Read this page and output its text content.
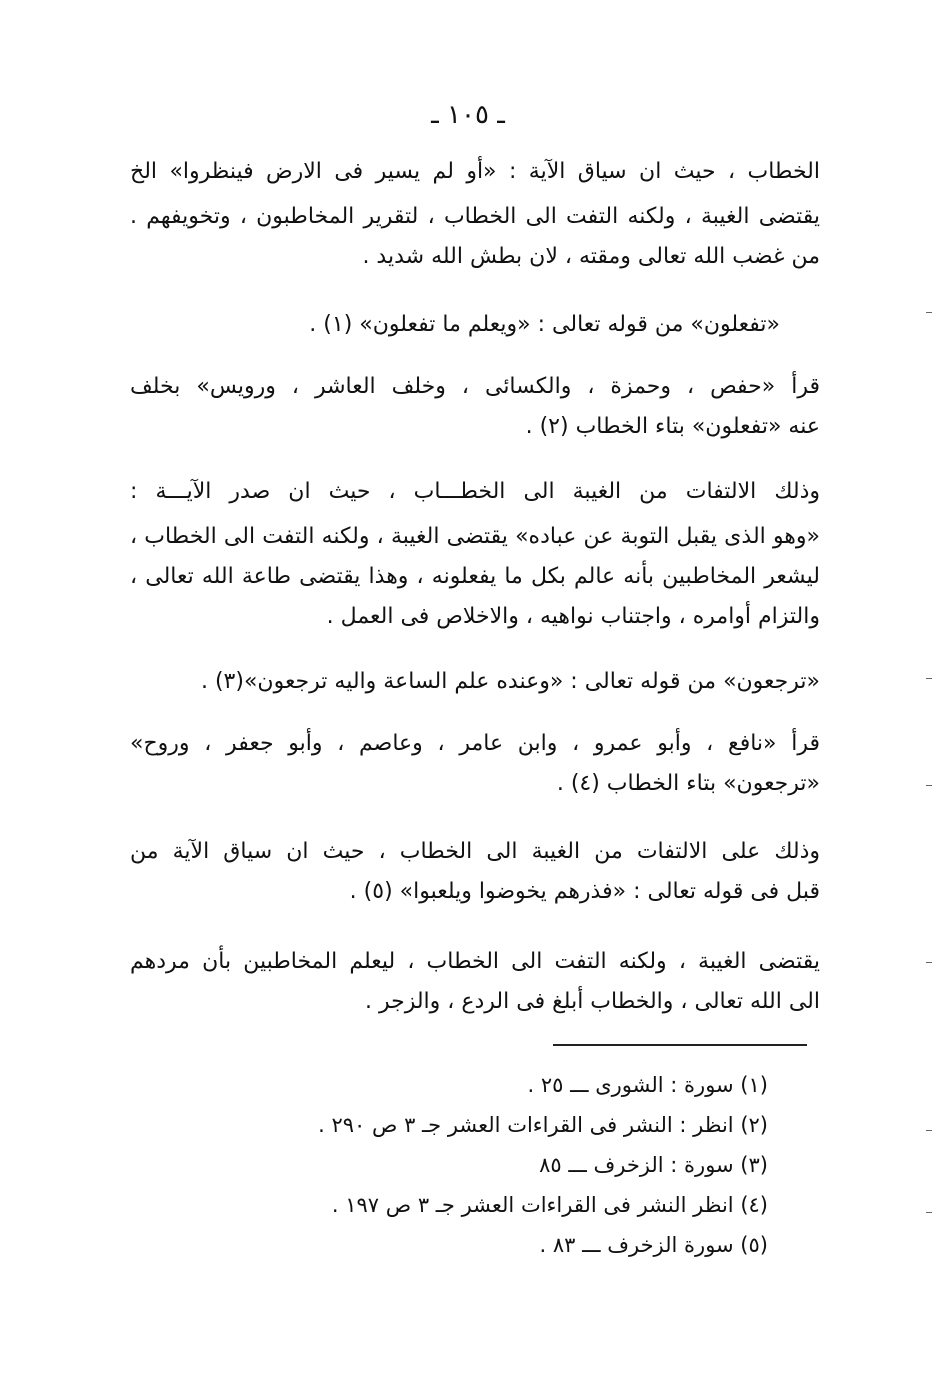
ـ ١٠٥ ـ
الخطاب ، حيث ان سياق الآية : «أو لم يسير فى الارض فينظروا» الخ
يقتضى الغيبة ، ولكنه التفت الى الخطاب ، لتقرير المخاطبون ، وتخويفهم .
من غضب الله تعالى ومقته ، لان بطش الله شديد .
«تفعلون» من قوله تعالى : «ويعلم ما تفعلون» (١) .
قرأ «حفص ، وحمزة ، والكسائى ، وخلف العاشر ، ورويس» بخلف
عنه «تفعلون» بتاء الخطاب (٢) .
وذلك الالتفات من الغيبة الى الخطـــاب ، حيث ان صدر الآيـــة :
«وهو الذى يقبل التوبة عن عباده» يقتضى الغيبة ، ولكنه التفت الى الخطاب ،
ليشعر المخاطبين بأنه عالم بكل ما يفعلونه ، وهذا يقتضى طاعة الله تعالى ،
والتزام أوامره ، واجتناب نواهيه ، والاخلاص فى العمل .
«ترجعون» من قوله تعالى : «وعنده علم الساعة واليه ترجعون»(٣) .
قرأ «نافع ، وأبو عمرو ، وابن عامر ، وعاصم ، وأبو جعفر ، وروح»
«ترجعون» بتاء الخطاب (٤) .
وذلك على الالتفات من الغيبة الى الخطاب ، حيث ان سياق الآية من
قبل فى قوله تعالى : «فذرهم يخوضوا ويلعبوا» (٥) .
يقتضى الغيبة ، ولكنه التفت الى الخطاب ، ليعلم المخاطبين بأن مردهم
الى الله تعالى ، والخطاب أبلغ فى الردع ، والزجر .
(١) سورة : الشورى ـــ ٢٥ .
(٢) انظر : النشر فى القراءات العشر جـ ٣ ص ٢٩٠ .
(٣) سورة : الزخرف ـــ ٨٥
(٤) انظر النشر فى القراءات العشر جـ ٣ ص ١٩٧ .
(٥) سورة الزخرف ـــ ٨٣ .
